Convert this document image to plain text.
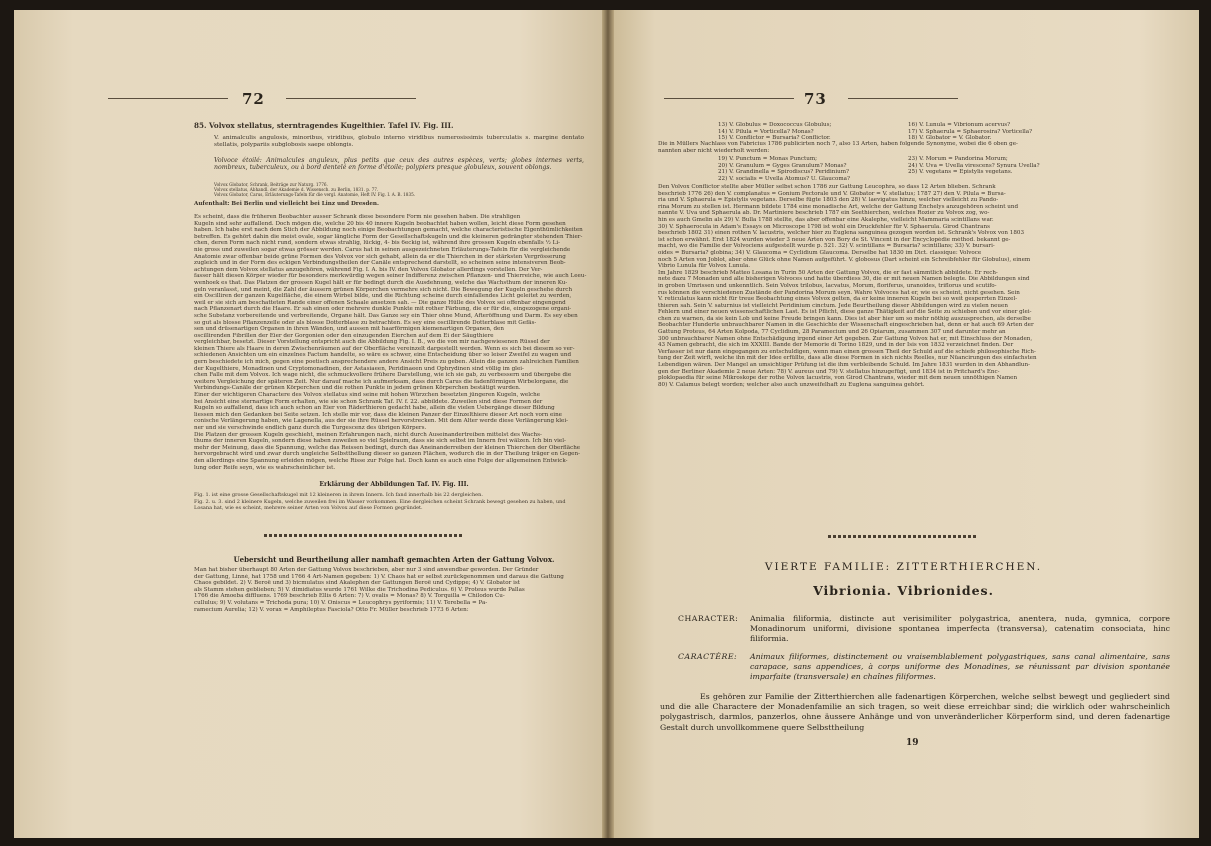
72
85. Volvox stellatus, sterntragendes Kugelthier. Tafel IV. Fig. III.
V. animalculis angulosis, minoribus, viridibus, globulo interno viridibus numerosissimis tuberculatis s. margine dentato stellatis, polypariis subglobosis saepe oblongis.
Volvoce étoilé: Animalcules anguleux, plus petits que ceux des autres espèces, verts; globes internes verts, nombreux, tuberculeux, ou à bord dentelé en forme d'étoile; polypiers presque globuleux, souvent oblongs.
Volvox Globator, Schrank, Beiträge zur Naturg. 1776.
Volvox stellatus, Abhandl. der Akademie d. Wissensch. zu Berlin, 1831. p. 77.
Volvox Globator, Carus, Erläuterungs-Tafeln für die vergl. Anatomie, Heft IV. Fig. I. A. B. 1835.
Aufenthalt: Bei Berlin und vielleicht bei Linz und Dresden.
Es scheint, dass die früheren Beobachter ausser Schrank diese besondere Form nie gesehen haben. Die strahligen
Kugeln sind sehr auffallend. Doch mögen die, welche 20 bis 40 innere Kugeln beobachtet haben wollen, leicht diese Form gesehen
haben. Ich habe erst nach dem Stich der Abbildung noch einige Beobachtungen gemacht, welche characteristische Eigenthümlichkeiten
betreffen. Es gehört dahin die meist ovale, sogar längliche Form der Gesellschaftskugeln und die kleineren gedrängter stehenden Thier-
chen, deren Form nach nicht rund, sondern etwas strahlig, lückig, 4- bis 6eckig ist, während ihre grossen Kugeln ebenfalls ½ Li-
nie gross und zuweilen sogar etwas grösser werden. Carus hat in seinen ausgezeichneten Erläuterungs-Tafeln für die vergleichende
Anatomie zwar offenbar beide grüne Formen des Volvox vor sich gehabt, allein da er die Thierchen in der stärksten Vergrösserung
zugleich und in der Form des eckigen Verbindungstheilen der Canäle entsprechend darstellt, so scheinen seine intensiveren Beob-
achtungen dem Volvox stellatus anzugehören, während Fig. I. A. bis IV. den Volvox Globator allerdings vorstellen. Der Ver-
fasser hält diesen Körper wieder für besonders merkwürdig wegen seiner Indifferenz zwischen Pflanzen- und Thierreiche, wie auch Leeu-
wenhoek es that. Das Platzen der grossen Kugel hält er für bedingt durch die Ausdehnung, welche das Wachsthum der inneren Ku-
geln veranlasst, und meint, die Zahl der äussern grünen Körperchen vermehre sich nicht. Die Bewegung der Kugeln geschehe durch
ein Oscilliren der ganzen Kugelfläche, die einem Wirbel bilde, und die Richtung scheine durch einfallendes Licht geleitet zu werden,
weil er sie sich am beschatteten Rande einer offenen Schaale ansetzen sah. — Die ganze Hülle des Volvox sei offenbar eingengend
nach Pflanzenart durch die Haare. Er sah einen oder mehrere dunkle Punkte mit rother Färbung, die er für die, eingezogene organi-
sche Substanz vorbereitende und verbreitende, Organe hält. Das Ganze sey ein Thier ohne Mund, Afteröffnung und Darm. Es sey eben
so gut als blosse Pflanzenzelle oder als blosse Dotterblase zu betrachten. Es sey eine oscillirende Dotterblase mit Gefäs-
sen und drüsenartigen Organen in ihren Wänden, und aussen mit haarförmigen kiemenartigen Organen, den
oscillirenden Fibrillen der Eier der Gorgonien oder den einzugenden Eierchen auf dem Ei der Säugthiere
vergleichbar, besetzt. Dieser Vorstellung entspricht auch die Abbildung Fig. I. B., wo die von mir nachgewiesenen Rüssel der
kleinen Thiere als Haare in deren Zwischenräumen auf der Oberfläche vereinzelt dargestellt werden. Wenn es sich bei diesem so ver-
schiedenen Ansichten um ein einzelnes Factum handelte, so wäre es schwer, eine Entscheidung über so leiser Zweifel zu wagen und
gern beschiedete ich mich, gegen eine poetisch ansprechendere andere Ansicht Preis zu geben. Allein die ganzen zahlreichen Familien
der Kugelthiere, Monadinen und Cryptomonadinen, der Astasiaeen, Peridinaeen und Ophrydinen sind völlig im glei-
chen Falle mit dem Volvox. Ich wage nicht, die schmuckvollere frühere Darstellung, wie ich sie gab, zu verbessern und übergebe die
weitere Vergleichung der späteren Zeit. Nur darauf mache ich aufmerksam, dass durch Carus die fadenförmigen Wirbelorgane, die
Verbindungs-Canäle der grünen Körperchen und die rothen Punkte in jedem grünen Körperchen bestätigt wurden.
Einer der wichtigeren Charactere des Volvox stellatus sind seine mit hohen Würzchen besetzten jüngeren Kugeln, welche
bei Ansicht eine sternartige Form erhalten, wie sie schon Schrank Taf. IV. f. 22. abbildete. Zuweilen sind diese Formen der
Kugeln so auffallend, dass ich auch schon an Eier von Räderthieren gedacht habe, allein die vielen Uebergänge dieser Bildung
liessen mich den Gedanken bei Seite setzen. Ich stelle mir vor, dass die kleinen Panzer der Einzelthiere dieser Art noch vorn eine
conische Verlängerung haben, wie Lagenella, aus der sie ihre Rüssel hervorstrecken. Mit dem Alter werde diese Verlängerung klei-
ner und sie verschwinde endlich ganz durch die Turgescenz des übrigen Körpers.
Die Platzen der grossen Kugeln geschieht, meinen Erfahrungen nach, nicht durch Auseinandertreiben mittelst des Wachs-
thums der inneren Kugeln, sondern diese haben zuweilen so viel Spielraum, dass sie sich selbst im Innern frei wälzen. Ich bin viel-
mehr der Meinung, dass die Spannung, welche das Reissen bedingt, durch das Aneinanderreiben der kleinen Thierchen der Oberfläche
hervorgebracht wird und zwar durch ungleiche Selbstthellung dieser so ganzen Flächen, wodurch die in der Theilung träger en Gegen-
den allerdings eine Spannung erleiden mögen, welche Risse zur Folge hat. Doch kann es auch eine Folge der allgemeinen Entwick-
lung oder Reife seyn, wie es wahrscheinlicher ist.
Erklärung der Abbildungen Taf. IV. Fig. III.
Fig. 1. ist eine grosse Gesellschaftskugel mit 12 kleineren in ihrem Innern. Ich fand innerhalb bis 22 dergleichen.
Fig. 2. u. 3. sind 2 kleinere Kugeln, welche zuweilen frei im Wasser vorkommen. Eine dergleichen scheint Schrank bewegt gesehen zu haben, und
Losana hat, wie es scheint, mehrere seiner Arten von Volvox auf diese Formen gegründet.
Uebersicht und Beurtheilung aller namhaft gemachten Arten der Gattung Volvox.
Man hat bisher überhaupt 80 Arten der Gattung Volvox beschrieben, aber nur 3 sind anwendbar geworden. Der Gründer
der Gattung, Linné, hat 1758 und 1766 4 Art-Namen gegeben: 1) V. Chaos hat er selbst zurückgenommen und daraus die Gattung
Chaos gebildet. 2) V. Beroë und 3) bicmulatus sind Akalephen der Gattungen Beroë und Cydippe; 4) V. Globator ist
als Stamm stehen geblieben; 5) V. dimidiatus wurde 1761 Wilke die Trichodina Pediculus. 6) V. Proteus wurde Pallas
1766 die Amoeba diffluens. 1769 beschrieb Ellis 6 Arten: 7) V. ovalis = Monas? 8) V. Torquilla = Chilodon Cu-
cullulus; 9) V. volutans = Trichoda pura; 10) V. Oniscus = Leucophrys pyriformis; 11) V. Terebella = Pa-
ramecium Aurelia; 12) V. vorax = Amphileptus Fasciola? Otto Fr. Müller beschrieb 1773 6 Arten:
73
13) V. Globulus = Doxococcus Globulus;
14) V. Pilula = Vorticella? Monas?
15) V. Conflictor = Bursaria? Conflictor.
16) V. Lunula = Vibrionum acervus?
17) V. Sphaerula = Sphaerosira? Vorticella?
18) V. Globator = V. Globator.
Die in Müllers Nachlass von Fabricius 1786 publicirten noch 7, also 13 Arten, haben folgende Synonyme, wobei die 6 oben ge-
nannten aber nicht wiederholt werden:
19) V. Punctum = Monas Punctum;
20) V. Granulum = Gyges Granulum? Monas?
21) V. Grandinella = Spirodiscus? Peridinium?
22) V. socialis = Uvella Atomus? U. Glaucoma?
23) V. Morum = Pandorina Morum;
24) V. Uva = Uvella virescens? Synura Uvella?
25) V. vegetans = Epistylis vegetans.
Den Volvox Conflictor stellte aber Müller selbst schon 1786 zur Gattung Leucophra, so dass 12 Arten blieben. Schrank
beschrieb 1776 26) den V. complanatus = Gonium Pectorale und V. Globator = V. stellatus; 1787 27) den V. Pilula = Bursa-
ria und V. Sphaerula = Epistylis vegetans. Derselbe fügte 1803 den 28) V. laevigatus hinzu, welcher vielleicht zu Pando-
rina Morum zu stellen ist. Hermann bildete 1784 eine monadische Art, welche der Gattung Enchelys anzugehören scheint und
nannte V. Uva und Sphaerula ab. Dr. Martiniere beschrieb 1787 ein Seethierchen, welches Rozier zu Volvox zog, wo-
hin es auch Gmelin als 29) V. Bulla 1788 stellte, das aber offenbar eine Akalephe, vielleicht Mammaria scintillans war.
30) V. Sphaerocula in Adam's Essays on Microscope 1798 ist wohl ein Druckfehler für V. Sphaerula. Girod Chantrans
beschrieb 1802 31) einen rothen V. lacustris, welcher hier zu Euglena sanguinea gezogen worden ist. Schrank's Volvox von 1803
ist schon erwähnt. Erst 1824 wurden wieder 3 neue Arten von Bory de St. Vincent in der Encyclopédie méthod. bekannt ge-
macht, wo die Familie der Volvociens aufgestellt wurde p. 521. 32) V. scintillans = Bursaria? scintillans; 33) V. bursari-
oides = Bursaria? globina; 34) V. Glaucoma = Cyclidium Glaucoma. Derselbe hat 1830 im Dict. classique: Volvoce
noch 5 Arten von Joblot, aber ohne Glück ohne Namen aufgeführt. V. globosus (Dart scheint ein Schreibfehler für Globulus), einem
Vibrio Lunula für Volvox Lunula.
Im Jahre 1829 beschrieb Matteo Losana in Turin 50 Arten der Gattung Volvox, die er fast sämmtlich abbildete. Er rech-
nete dazu 7 Monaden und alle bisherigen Volvoces und hatte überdiess 30, die er mit neuen Namen belegte. Die Abbildungen sind
in groben Umrissen und unkenntlich. Sein Volvox trilobus, lacvatus, Morum, floriferus, uranoides, triflorus und scutifo-
rus können die verschiedenen Zustände der Pandorina Morum seyn. Wahre Volvoces hat er, wie es scheint, nicht gesehen. Sein
V. reticulatus kann nicht für treue Beobachtung eines Volvox gelten, da er keine inneren Kugeln bei so weit gesperrten Einzel-
thieren sah. Sein V. saturnius ist vielleicht Peridinium cinctum. Jede Beurtheilung dieser Abbildungen wird zu vielen neuen
Fehlern und einer neuen wissenschaftlichen Last. Es ist Pflicht, diese ganze Thätigkeit auf die Seite zu schieben und vor einer glei-
chen zu warnen, da sie kein Lob und keine Freude bringen kann. Dies ist aber hier um so mehr nöthig auszusprechen, als derselbe
Beobachter Hunderte unbrauchbarer Namen in die Geschichte der Wissenschaft eingeschrieben hat, denn er hat auch 69 Arten der
Gattung Proteus, 64 Arten Kolpoda, 77 Cyclidium, 28 Paramecium und 26 Opiarum, zusammen 307 und darunter mehr an
300 unbrauchbarer Namen ohne Entschädigung irgend einer Art gegeben. Zur Gattung Volvox hat er, mit Einschluss der Monaden,
43 Namen gebracht, die sich im XXXIII. Bande der Memorie di Torino 1829, und in der Isis von 1832 verzeichnet finden. Der
Verfasser ist nur dann eingegangen zu entschuldigen, wenn man einen grossen Theil der Schuld auf die schiefe philosophische Rich-
tung der Zeit wirft, welche ihn mit der Idee erfüllte, dass alle diese Formen in sich nichts Reelles, nur Nüancirungen des einfachsten
Lebendigen wären. Der Mangel an umsichtiger Prüfung ist die ihm verbleibende Schuld. Im Jahre 1831 wurden in den Abhandlun-
gen der Berliner Akademie 2 neue Arten: 78) V. aureus und 79) V. stellatus hinzugefügt, und 1834 ist in Pritchard's Enc-
ploklopaedia für seine Mikroskope der rothe Volvox lacustris, von Girod Chantrans, wieder mit dem neuen unnöthigen Namen
80) V. Calamus belegt worden; welcher also auch unzweifelhaft zu Euglena sanguinea gehört.
VIERTE FAMILIE: ZITTERTHIERCHEN.
Vibrionia. Vibrionides.
CHARACTER:	Animalia filiformia, distincte aut verisimiliter polygastrica, anentera, nuda, gymnica, corpore Monadinorum uniformi, divisione spontanea imperfecta (transversa), catenatim consociata, hinc filiformia.
CARACTÈRE:	Animaux filiformes, distinctement ou vraisemblablement polygastriques, sans canal alimentaire, sans carapace, sans appendices, à corps uniforme des Monadines, se réunissant par division spontanée imparfaite (transversale) en chaînes filiformes.
Es gehören zur Familie der Zitterthierchen alle fadenartigen Körperchen, welche selbst bewegt und gegliedert sind und die alle Charactere der Monadenfamilie an sich tragen, so weit diese erreichbar sind; die wirklich oder wahrscheinlich polygastrisch, darmlos, panzerlos, ohne äussere Anhänge und von unveränderlicher Körperform sind, und deren fadenartige Gestalt durch unvollkommene quere Selbsttheilung
19
